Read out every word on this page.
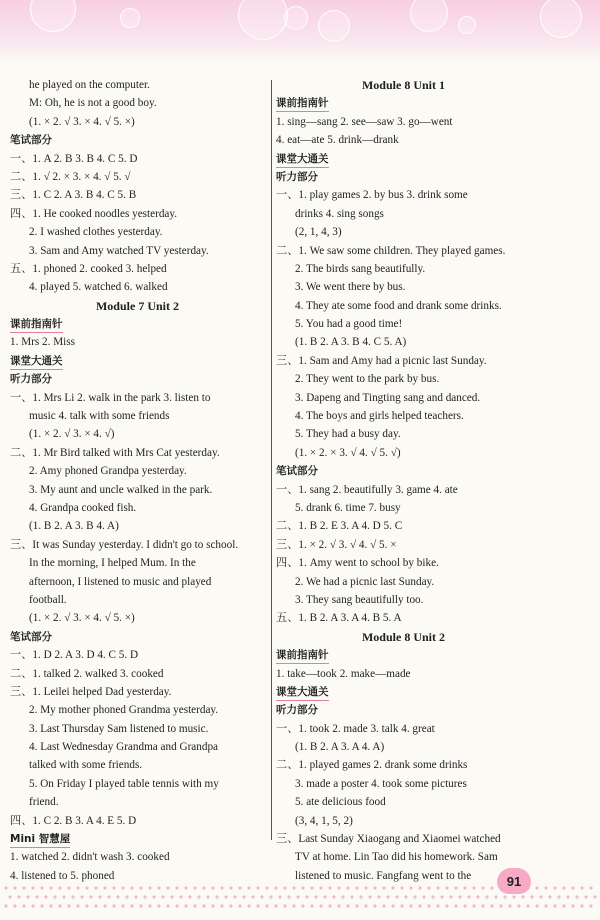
he played on the computer.
M: Oh, he is not a good boy.
(1. × 2. √ 3. × 4. √ 5. ×)
笔试部分
一、1. A 2. B 3. B 4. C 5. D
二、1. √ 2. × 3. × 4. √ 5. √
三、1. C 2. A 3. B 4. C 5. B
四、1. He cooked noodles yesterday.
2. I washed clothes yesterday.
3. Sam and Amy watched TV yesterday.
五、1. phoned 2. cooked 3. helped
4. played 5. watched 6. walked
Module 7 Unit 2
课前指南针
1. Mrs 2. Miss
课堂大通关
听力部分
一、1. Mrs Li 2. walk in the park 3. listen to
music 4. talk with some friends
(1. × 2. √ 3. × 4. √)
二、1. Mr Bird talked with Mrs Cat yesterday.
2. Amy phoned Grandpa yesterday.
3. My aunt and uncle walked in the park.
4. Grandpa cooked fish.
(1. B 2. A 3. B 4. A)
三、It was Sunday yesterday. I didn't go to school.
In the morning, I helped Mum. In the
afternoon, I listened to music and played
football.
(1. × 2. √ 3. × 4. √ 5. ×)
笔试部分
一、1. D 2. A 3. D 4. C 5. D
二、1. talked 2. walked 3. cooked
三、1. Leilei helped Dad yesterday.
2. My mother phoned Grandma yesterday.
3. Last Thursday Sam listened to music.
4. Last Wednesday Grandma and Grandpa
talked with some friends.
5. On Friday I played table tennis with my
friend.
四、1. C 2. B 3. A 4. E 5. D
Mini 智慧屋
1. watched 2. didn't wash 3. cooked
4. listened to 5. phoned
Module 8 Unit 1
课前指南针
1. sing—sang 2. see—saw 3. go—went
4. eat—ate 5. drink—drank
课堂大通关
听力部分
一、1. play games 2. by bus 3. drink some
drinks 4. sing songs
(2, 1, 4, 3)
二、1. We saw some children. They played games.
2. The birds sang beautifully.
3. We went there by bus.
4. They ate some food and drank some drinks.
5. You had a good time!
(1. B 2. A 3. B 4. C 5. A)
三、1. Sam and Amy had a picnic last Sunday.
2. They went to the park by bus.
3. Dapeng and Tingting sang and danced.
4. The boys and girls helped teachers.
5. They had a busy day.
(1. × 2. × 3. √ 4. √ 5. √)
笔试部分
一、1. sang 2. beautifully 3. game 4. ate
5. drank 6. time 7. busy
二、1. B 2. E 3. A 4. D 5. C
三、1. × 2. √ 3. √ 4. √ 5. ×
四、1. Amy went to school by bike.
2. We had a picnic last Sunday.
3. They sang beautifully too.
五、1. B 2. A 3. A 4. B 5. A
Module 8 Unit 2
课前指南针
1. take—took 2. make—made
课堂大通关
听力部分
一、1. took 2. made 3. talk 4. great
(1. B 2. A 3. A 4. A)
二、1. played games 2. drank some drinks
3. made a poster 4. took some pictures
5. ate delicious food
(3, 4, 1, 5, 2)
三、Last Sunday Xiaogang and Xiaomei watched
TV at home. Lin Tao did his homework. Sam
listened to music. Fangfang went to the	91
